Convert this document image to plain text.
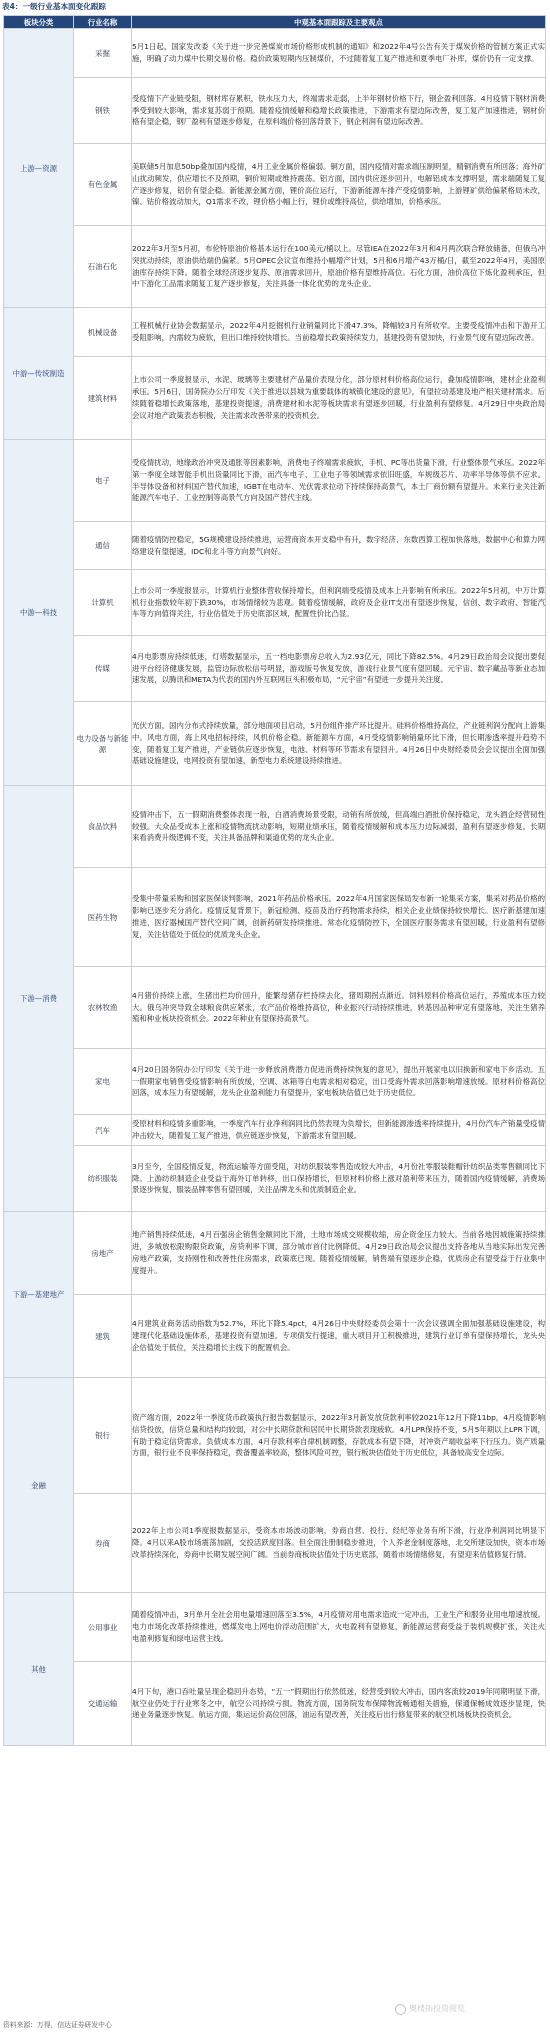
表4：一级行业基本面变化跟踪
板块分类	行业名称	中观基本面跟踪及主要观点
上游—资源	采掘	5月1日起，国家发改委《关于进一步完善煤炭市场价格形成机制的通知》和2022年4号公告有关于煤炭价格的管制方案正式实施，明确了动力煤中长期交易价格。稳价政策短期内压制煤价，不过随着复工复产推进和夏季电厂补库，煤价仍有一定支撑。
	钢铁	受疫情下产业链受阻，钢材库存累积，铁水压力大，终端需求走弱，上半年钢材价格下行，钢企盈利回落。4月疫情下钢材消费季受到较大影响，需求复苏弱于预期。随着疫情缓解和稳增长政策推进，下游需求有望边际改善，复工复产加速推进，钢材价格有望企稳，钢厂盈利有望逐步修复，在原料端价格回落背景下，钢企利润有望边际改善。
	有色金属	美联储5月加息50bp叠加国内疫情，4月工业金属价格偏弱。铜方面，国内疫情对需求端压制明显，精铜消费有所回落；海外矿山扰动频发，供应增长不及预期，铜价短期或维持震荡。铝方面，国内供应逐步回升，电解铝成本支撑明显，需求端随复工复产逐步修复，铝价有望企稳。新能源金属方面，锂价高位运行，下游新能源车排产受疫情影响，上游锂矿供给偏紧格局未改，镍、钴价格波动加大，Q1需求不改，锂价格小幅上行，锂价或维持高位，供给增加，价格承压。
	石油石化	2022年3月至5月初，布伦特原油价格基本运行在100美元/桶以上。尽管IEA在2022年3月和4月两次联合释放储备，但俄乌冲突扰动持续，原油供给端仍偏紧。5月OPEC会议宣布维持小幅增产计划，5月和6月增产43万桶/日，截至2022年4月，美国原油库存持续下降。随着全球经济逐步复苏、原油需求回升，原油价格有望维持高位。石化方面，油价高位下炼化盈利承压，但中下游化工品需求随复工复产逐步修复，关注具备一体化优势的龙头企业。
中游—传统制造	机械设备	工程机械行业协会数据显示，2022年4月挖掘机行业销量同比下滑47.3%，降幅较3月有所收窄。主要受疫情冲击和下游开工受阻影响，内需较为疲软，但出口维持较快增长。当前稳增长政策持续发力，基建投资有望加快，行业景气度有望边际改善。
	建筑材料	上市公司一季度报显示，水泥、玻璃等主要建材产品量价表现分化，部分原材料价格高位运行，叠加疫情影响，建材企业盈利承压。5月6日，国务院办公厅印发《关于推进以县城为重要载体的城镇化建设的意见》，有望拉动基建及地产相关建材需求。后续随着稳增长政策落地，基建投资提速，消费建材和水泥等板块需求有望逐步回暖，行业盈利有望修复。4月29日中央政治局会议对地产政策表态积极，关注需求改善带来的投资机会。
中游—科技	电子	受疫情扰动，地缘政治冲突及通胀等因素影响，消费电子终端需求疲软，手机、PC等出货量下滑，行业整体景气承压。2022年第一季度全球智能手机出货量同比下滑，而汽车电子、工业电子等领域需求依旧旺盛，车规级芯片、功率半导体等供不应求。半导体设备和材料国产替代加速，IGBT在电动车、光伏需求拉动下持续保持高景气，本土厂商份额有望提升。未来行业关注新能源汽车电子、工业控制等高景气方向及国产替代主线。
	通信	随着疫情防控稳定，5G规模建设持续推进，运营商资本开支稳中有升，数字经济、东数西算工程加快落地，数据中心和算力网络建设有望提速，IDC和北斗等方向景气向好。
	计算机	上市公司一季度报显示，计算机行业整体营收保持增长，但利润端受疫情及成本上升影响有所承压。2022年5月初，中万计算机行业指数较年初下跌30%，市场情绪较为悲观。随着疫情缓解，政府及企业IT支出有望逐步恢复，信创、数字政府、智能汽车等方向值得关注，行业估值处于历史底部区域，配置性价比凸显。
	传媒	4月电影票房持续低迷，灯塔数据显示，五一档电影票房总收入为2.93亿元，同比下降82.5%。4月29日政治局会议提出要促进平台经济健康发展，监管边际放松信号明显，游戏版号恢复发放，游戏行业景气度有望回暖。元宇宙、数字藏品等新业态加速发展，以腾讯和META为代表的国内外互联网巨头积极布局，“元宇宙”有望进一步提升关注度。
	电力设备与新能源	光伏方面，国内分布式持续放量，部分地面项目启动，5月份组件排产环比提升。硅料价格维持高位，产业链利润分配向上游集中。风电方面，海上风电招标持续，风机价格企稳。新能源车方面，4月受疫情影响销量环比下滑，但长期渗透率提升趋势不变，随着复工复产推进，产业链供应逐步恢复，电池、材料等环节需求有望回升。4月26日中央财经委员会会议提出全面加强基础设施建设，电网投资有望加速，新型电力系统建设持续推进。
下游—消费	食品饮料	疫情冲击下，五一假期消费整体表现一般，白酒消费场景受限，动销有所放缓，但高端白酒批价保持稳定，龙头酒企经营韧性较强。大众品受成本上涨和疫情物流扰动影响，短期业绩承压，随着疫情缓解和成本压力边际减弱，盈利有望逐步修复。长期来看消费升级逻辑不变，关注具备品牌和渠道优势的龙头企业。
	医药生物	受集中带量采购和国家医保谈判影响，2021年药品价格承压。2022年4月国家医保局发布新一轮集采方案，集采对药品价格的影响已逐步充分消化。疫情反复背景下，新冠检测、疫苗及治疗药物需求持续，相关企业业绩保持较快增长。医疗新基建加速推进，医疗器械国产替代空间广阔，创新药研发持续推进。常态化疫情防控下，全国医疗服务需求有望回暖，行业盈利有望修复，关注估值处于低位的优质龙头企业。
	农林牧渔	4月猪价持续上涨，生猪出栏均价回升，能繁母猪存栏持续去化，猪周期拐点渐近。饲料原料价格高位运行，养殖成本压力较大。俄乌冲突导致全球粮食供应紧张，农产品价格维持高位，种业振兴行动持续推进，转基因品种审定有望落地，关注生猪养殖和种业板块投资机会。2022年种业有望保持高景气。
	家电	4月20日国务院办公厅印发《关于进一步释放消费潜力促进消费持续恢复的意见》，提出开展家电以旧换新和家电下乡活动。五一假期家电销售受疫情影响有所放缓，空调、冰箱等白电需求相对稳定，出口受海外需求回落影响增速放缓。原材料价格高位回落，成本压力有望缓解，龙头企业盈利能力有望提升，家电板块估值已处于历史低位。
	汽车	受原材料和疫情多重影响，一季度汽车行业净利润同比仍然表现为负增长，但新能源渗透率持续提升，4月份汽车产销量受疫情冲击较大，随着复工复产推进，供应链逐步恢复，下游需求有望回暖。
	纺织服装	3月至今，全国疫情反复，物流运输等方面受阻，对纺织服装零售造成较大冲击，4月份社零服装鞋帽针纺织品类零售额同比下降。上游纺织制造企业受益于海外订单转移，出口保持增长，但原材料价格上涨对盈利带来压力，随着国内疫情缓解，消费场景逐步恢复，服装品牌零售有望回暖，关注品牌龙头和优质制造企业。
下游—基建地产	房地产	地产销售持续低迷，4月百强房企销售金额同比下滑，土地市场成交规模收缩，房企资金压力较大。当前各地因城施策持续推进，多城放松限购限贷政策，房贷利率下调，部分城市首付比例降低。4月29日政治局会议提出支持各地从当地实际出发完善房地产政策，支持刚性和改善性住房需求，政策底已现。随着疫情缓解，销售端有望逐步企稳，优质房企有望受益于行业集中度提升。
	建筑	4月建筑业商务活动指数为52.7%，环比下降5.4pct，4月26日中央财经委员会第十一次会议强调全面加强基础设施建设，构建现代化基础设施体系，基建投资有望加速。专项债发行提速，重大项目开工积极推进，建筑行业订单有望保持增长，龙头央企估值处于低位，关注稳增长主线下的配置机会。
金融	银行	资产端方面，2022年一季度货币政策执行报告数据显示，2022年3月新发放贷款利率较2021年12月下降11bp，4月疫情影响信贷投放，信贷总量和结构均较弱，对公中长期贷款和居民中长期贷款表现疲软。4月LPR保持不变，5月5年期以上LPR下调，有助于稳定信贷需求。负债成本方面，4月存款利率自律机制调整，存款成本有望下降，对冲资产端收益率下行压力。资产质量方面，银行业不良率保持稳定，拨备覆盖率较高，整体风险可控，银行板块估值处于历史低位，具备较高安全边际。
	券商	2022年上市公司1季度报数据显示，受资本市场波动影响，券商自营、投行、经纪等业务有所下滑，行业净利润同比明显下降。4月以来A股市场震荡加剧，交投活跃度回落。但全面注册制稳步推进，个人养老金制度落地，北交所建设加快，资本市场改革持续深化，券商中长期发展空间广阔。当前券商板块估值处于历史底部，随着市场情绪修复，有望迎来估值修复行情。
其他	公用事业	随着疫情冲击，3月单月全社会用电量增速回落至3.5%，4月疫情对用电需求造成一定冲击，工业生产和服务业用电增速放缓。电力市场化改革持续推进，燃煤发电上网电价浮动范围扩大，火电盈利有望修复，新能源运营商受益于装机规模扩张，关注火电盈利修复和绿电运营主线。
	交通运输	4月下旬，港口吞吐量呈现企稳回升态势，“五一”假期出行依然低迷，经营受到较大冲击，国内客流较2019年同期明显下滑，航空业仍处于行业寒冬之中，航空公司持续亏损。物流方面，国务院发布保障物流畅通相关措施，保通保畅成效逐步显现，快递业务量逐步恢复。航运方面，集运运价高位回落，油运有望改善，关注疫后出行修复带来的航空机场板块投资机会。
奥楼拓投资阅览
资料来源：万得，信达证券研发中心
